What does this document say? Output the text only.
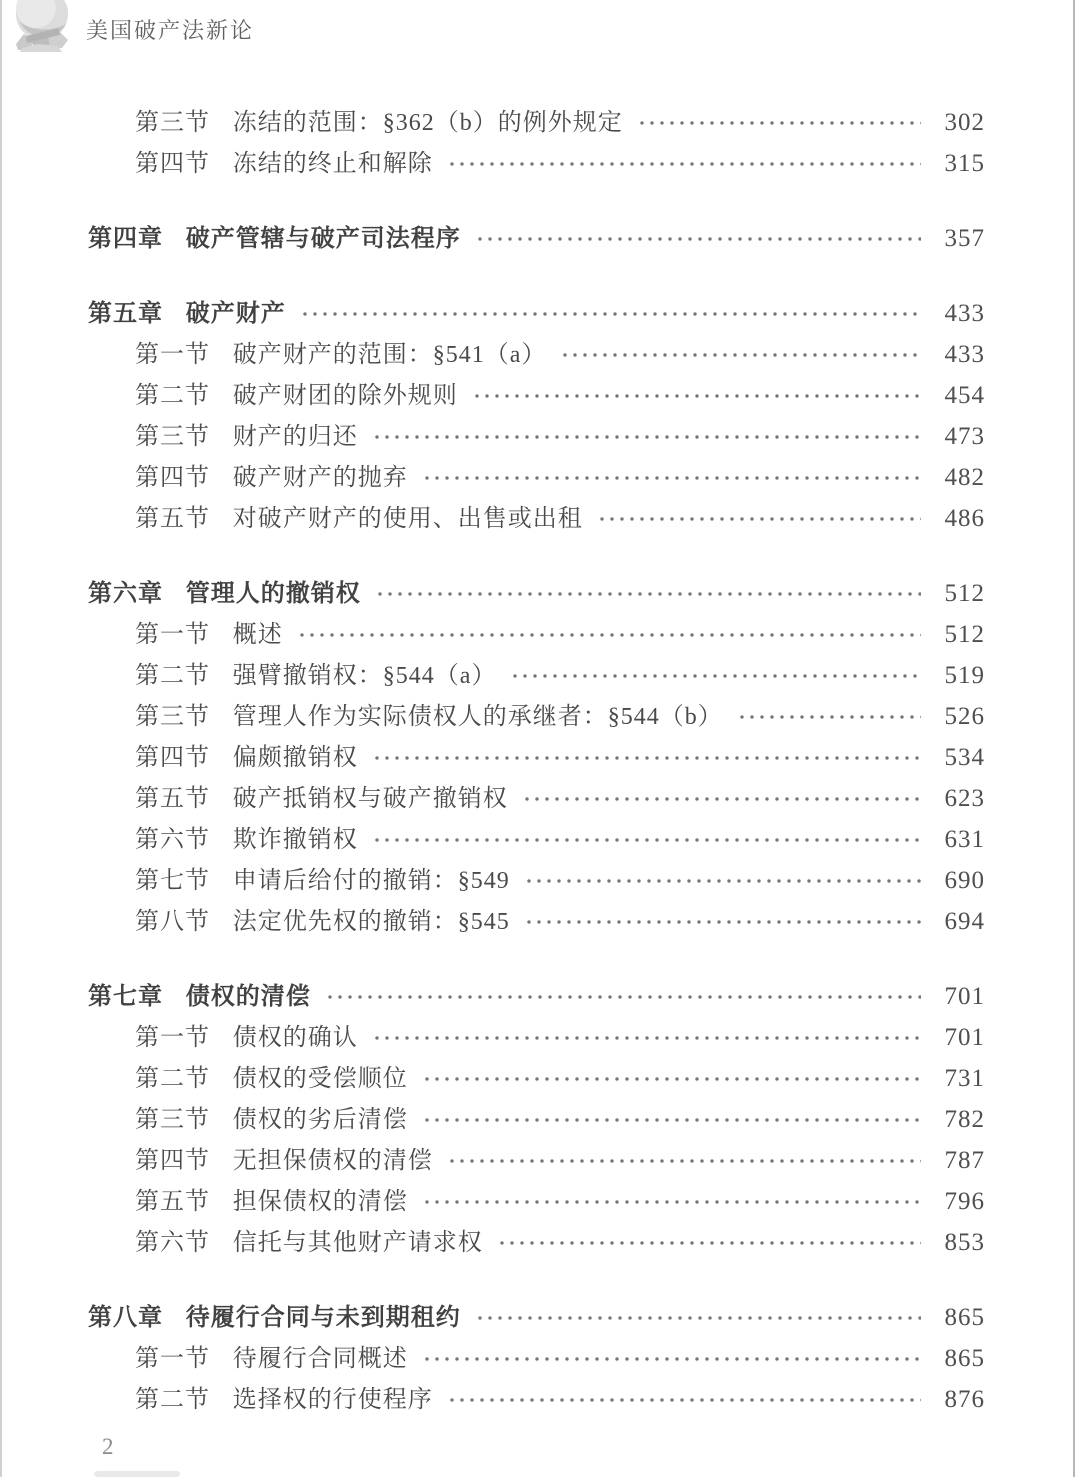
美国破产法新论
第三节 冻结的范围：§362（b）的例外规定	302
第四节 冻结的终止和解除	315
第四章 破产管辖与破产司法程序	357
第五章 破产财产	433
第一节 破产财产的范围：§541（a）	433
第二节 破产财团的除外规则	454
第三节 财产的归还	473
第四节 破产财产的抛弃	482
第五节 对破产财产的使用、出售或出租	486
第六章 管理人的撤销权	512
第一节 概述	512
第二节 强臂撤销权：§544（a）	519
第三节 管理人作为实际债权人的承继者：§544（b）	526
第四节 偏颇撤销权	534
第五节 破产抵销权与破产撤销权	623
第六节 欺诈撤销权	631
第七节 申请后给付的撤销：§549	690
第八节 法定优先权的撤销：§545	694
第七章 债权的清偿	701
第一节 债权的确认	701
第二节 债权的受偿顺位	731
第三节 债权的劣后清偿	782
第四节 无担保债权的清偿	787
第五节 担保债权的清偿	796
第六节 信托与其他财产请求权	853
第八章 待履行合同与未到期租约	865
第一节 待履行合同概述	865
第二节 选择权的行使程序	876
2
